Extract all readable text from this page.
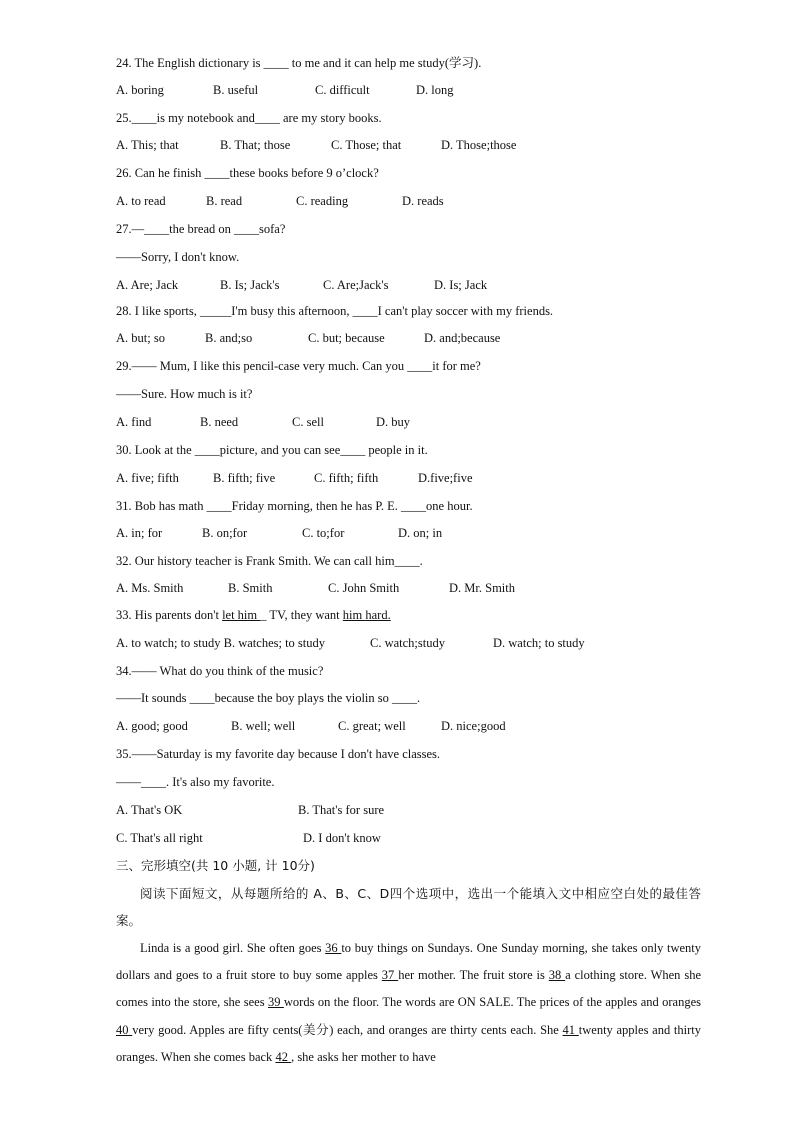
24. The English dictionary is ____ to me and it can help me study(学习).
A. boring	B. useful	C. difficult	D. long
25.____is my notebook and____ are my story books.
A. This; that	B. That; those	C. Those; that	D. Those;those
26. Can he finish ____these books before 9 o’clock?
A. to read	B. read	C. reading	D. reads
27.—____the bread on ____sofa?
——Sorry, I don't know.
A. Are; Jack	B. Is; Jack's	C. Are;Jack's	D. Is; Jack
28. I like sports, _____I'm busy this afternoon, ____I can't play soccer with my friends.
A. but; so	B. and;so	C. but; because	D. and;because
29.—— Mum, I like this pencil-case very much. Can you ____it for me?
——Sure. How much is it?
A. find	B. need	C. sell	D. buy
30. Look at the ____picture, and you can see____ people in it.
A. five; fifth	B. fifth; five	C. fifth; fifth	D.five;five
31. Bob has math ____Friday morning, then he has P. E. ____one hour.
A. in; for	B. on;for	C. to;for	D. on; in
32. Our history teacher is Frank Smith. We can call him____.
A. Ms. Smith	B. Smith	C. John Smith	D. Mr. Smith
33. His parents don't let him _ TV, they want him hard.
A. to watch; to study B. watches; to study	C. watch;study	D. watch; to study
34.—— What do you think of the music?
——It sounds ____because the boy plays the violin so ____.
A. good; good	B. well; well	C. great; well	D. nice;good
35.——Saturday is my favorite day because I don't have classes.
——____. It's also my favorite.
A. That's OK	B. That's for sure
C. That's all right	D. I don't know
三、完形填空(共 10 小题, 计 10分)
阅读下面短文，从每题所给的 A、B、C、D四个选项中，选出一个能填入文中相应空白处的最佳答案。
Linda is a good girl. She often goes 36 to buy things on Sundays. One Sunday morning, she takes only twenty dollars and goes to a fruit store to buy some apples 37 her mother. The fruit store is 38 a clothing store. When she comes into the store, she sees 39 words on the floor. The words are ON SALE. The prices of the apples and oranges 40 very good. Apples are fifty cents(美分) each, and oranges are thirty cents each. She 41 twenty apples and thirty oranges. When she comes back 42 , she asks her mother to have
